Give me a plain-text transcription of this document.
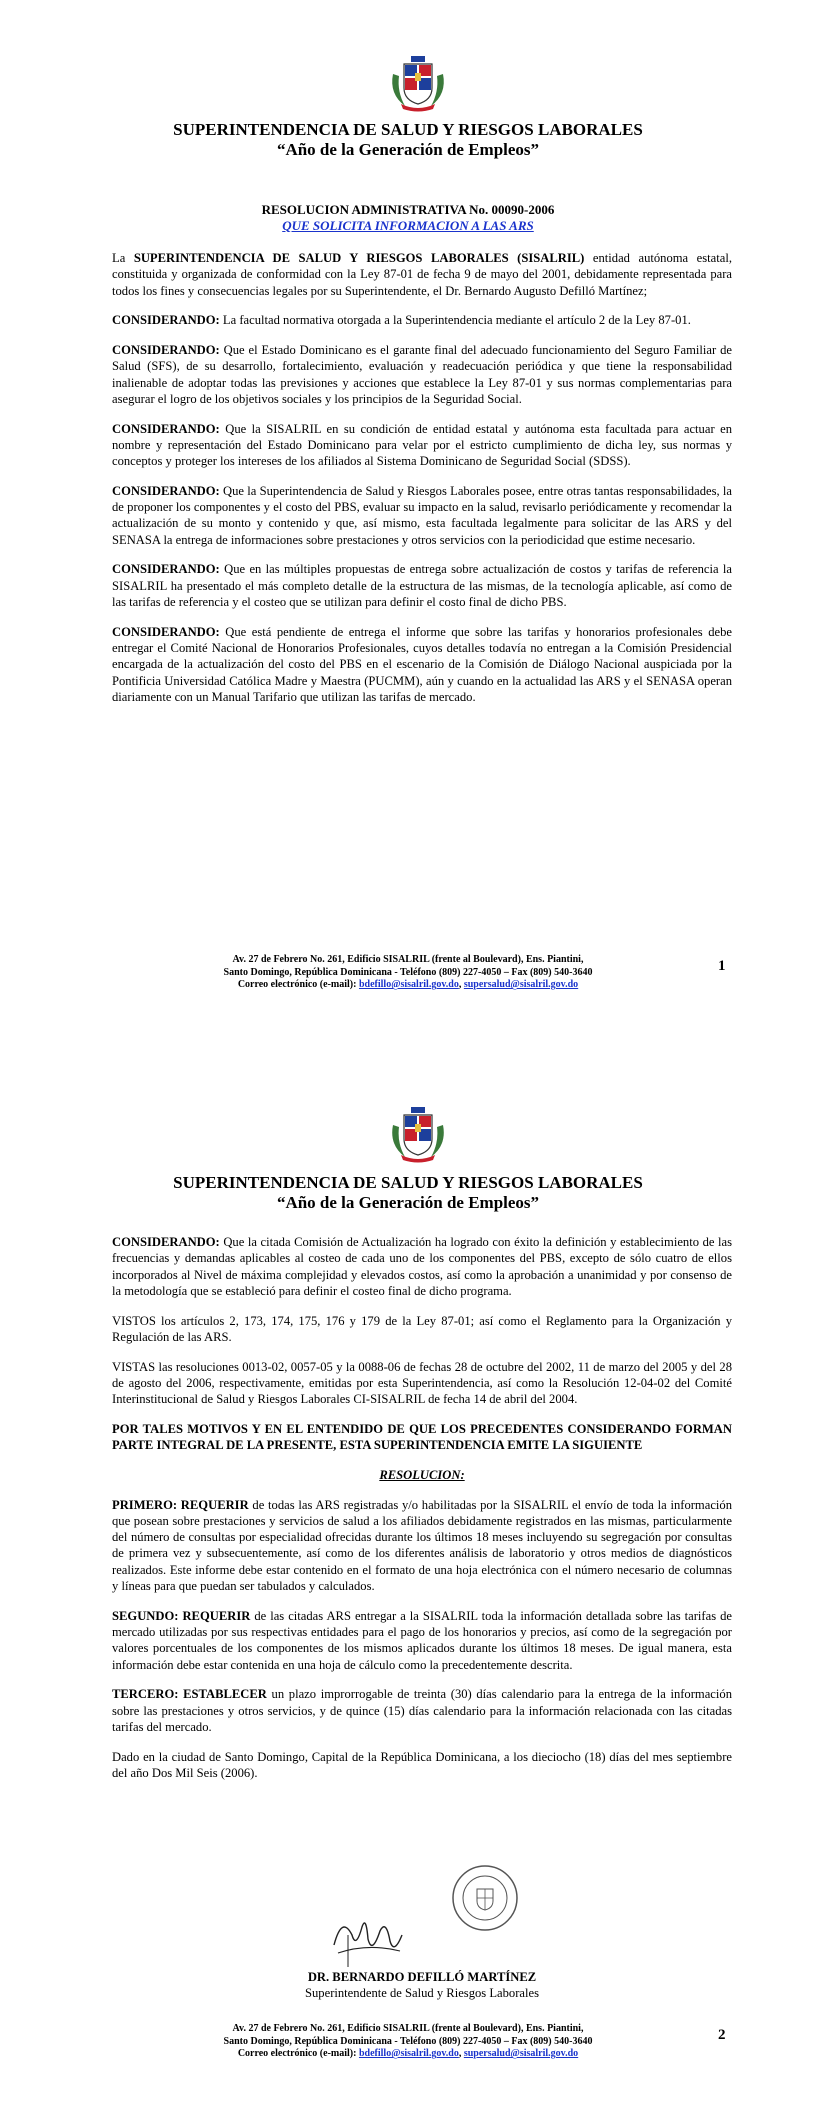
SUPERINTENDENCIA DE SALUD Y RIESGOS LABORALES
“Año de la Generación de Empleos”
RESOLUCION ADMINISTRATIVA No. 00090-2006
QUE SOLICITA INFORMACION A LAS ARS

La SUPERINTENDENCIA DE SALUD Y RIESGOS LABORALES (SISALRIL) entidad autónoma estatal, constituida y organizada de conformidad con la Ley 87-01 de fecha 9 de mayo del 2001, debidamente representada para todos los fines y consecuencias legales por su Superintendente, el Dr. Bernardo Augusto Defilló Martínez;

CONSIDERANDO: La facultad normativa otorgada a la Superintendencia mediante el artículo 2 de la Ley 87-01.

CONSIDERANDO: Que el Estado Dominicano es el garante final del adecuado funcionamiento del Seguro Familiar de Salud (SFS), de su desarrollo, fortalecimiento, evaluación y readecuación periódica y que tiene la responsabilidad inalienable de adoptar todas las previsiones y acciones que establece la Ley 87-01 y sus normas complementarias para asegurar el logro de los objetivos sociales y los principios de la Seguridad Social.

CONSIDERANDO: Que la SISALRIL en su condición de entidad estatal y autónoma esta facultada para actuar en nombre y representación del Estado Dominicano para velar por el estricto cumplimiento de dicha ley, sus normas y conceptos y proteger los intereses de los afiliados al Sistema Dominicano de Seguridad Social (SDSS).

CONSIDERANDO: Que la Superintendencia de Salud y Riesgos Laborales posee, entre otras tantas responsabilidades, la de proponer los componentes y el costo del PBS, evaluar su impacto en la salud, revisarlo periódicamente y recomendar la actualización de su monto y contenido y que, así mismo, esta facultada legalmente para solicitar de las ARS y del SENASA la entrega de informaciones sobre prestaciones y otros servicios con la periodicidad que estime necesario.

CONSIDERANDO: Que en las múltiples propuestas de entrega sobre actualización de costos y tarifas de referencia la SISALRIL ha presentado el más completo detalle de la estructura de las mismas, de la tecnología aplicable, así como de las tarifas de referencia y el costeo que se utilizan para definir el costo final de dicho PBS.

CONSIDERANDO: Que está pendiente de entrega el informe que sobre las tarifas y honorarios profesionales debe entregar el Comité Nacional de Honorarios Profesionales, cuyos detalles todavía no entregan a la Comisión Presidencial encargada de la actualización del costo del PBS en el escenario de la Comisión de Diálogo Nacional auspiciada por la Pontificia Universidad Católica Madre y Maestra (PUCMM), aún y cuando en la actualidad las ARS y el SENASA operan diariamente con un Manual Tarifario que utilizan las tarifas de mercado.

Av. 27 de Febrero No. 261, Edificio SISALRIL (frente al Boulevard), Ens. Piantini,
Santo Domingo, República Dominicana - Teléfono (809) 227-4050 – Fax (809) 540-3640
Correo electrónico (e-mail): bdefillo@sisalril.gov.do, supersalud@sisalril.gov.do
1
SUPERINTENDENCIA DE SALUD Y RIESGOS LABORALES
“Año de la Generación de Empleos”

CONSIDERANDO: Que la citada Comisión de Actualización ha logrado con éxito la definición y establecimiento de las frecuencias y demandas aplicables al costeo de cada uno de los componentes del PBS, excepto de sólo cuatro de ellos incorporados al Nivel de máxima complejidad y elevados costos, así como la aprobación a unanimidad y por consenso de la metodología que se estableció para definir el costeo final de dicho programa.

VISTOS los artículos 2, 173, 174, 175, 176 y 179 de la Ley 87-01; así como el Reglamento para la Organización y Regulación de las ARS.

VISTAS las resoluciones 0013-02, 0057-05 y la 0088-06 de fechas 28 de octubre del 2002, 11 de marzo del 2005 y del 28 de agosto del 2006, respectivamente, emitidas por esta Superintendencia, así como la Resolución 12-04-02 del Comité Interinstitucional de Salud y Riesgos Laborales CI-SISALRIL de fecha 14 de abril del 2004.

POR TALES MOTIVOS Y EN EL ENTENDIDO DE QUE LOS PRECEDENTES CONSIDERANDO FORMAN PARTE INTEGRAL DE LA PRESENTE, ESTA SUPERINTENDENCIA EMITE LA SIGUIENTE

RESOLUCION:

PRIMERO: REQUERIR de todas las ARS registradas y/o habilitadas por la SISALRIL el envío de toda la información que posean sobre prestaciones y servicios de salud a los afiliados debidamente registrados en las mismas, particularmente del número de consultas por especialidad ofrecidas durante los últimos 18 meses incluyendo su segregación por consultas de primera vez y subsecuentemente, así como de los diferentes análisis de laboratorio y otros medios de diagnósticos realizados. Este informe debe estar contenido en el formato de una hoja electrónica con el número necesario de columnas y líneas para que puedan ser tabulados y calculados.

SEGUNDO: REQUERIR de las citadas ARS entregar a la SISALRIL toda la información detallada sobre las tarifas de mercado utilizadas por sus respectivas entidades para el pago de los honorarios y precios, así como de la segregación por valores porcentuales de los componentes de los mismos aplicados durante los últimos 18 meses. De igual manera, esta información debe estar contenida en una hoja de cálculo como la precedentemente descrita.

TERCERO: ESTABLECER un plazo improrrogable de treinta (30) días calendario para la entrega de la información sobre las prestaciones y otros servicios, y de quince (15) días calendario para la información relacionada con las citadas tarifas del mercado.

Dado en la ciudad de Santo Domingo, Capital de la República Dominicana, a los dieciocho (18) días del mes septiembre del año Dos Mil Seis (2006).

DR. BERNARDO DEFILLÓ MARTÍNEZ
Superintendente de Salud y Riesgos Laborales
Av. 27 de Febrero No. 261, Edificio SISALRIL (frente al Boulevard), Ens. Piantini,
Santo Domingo, República Dominicana - Teléfono (809) 227-4050 – Fax (809) 540-3640
Correo electrónico (e-mail): bdefillo@sisalril.gov.do, supersalud@sisalril.gov.do
2
